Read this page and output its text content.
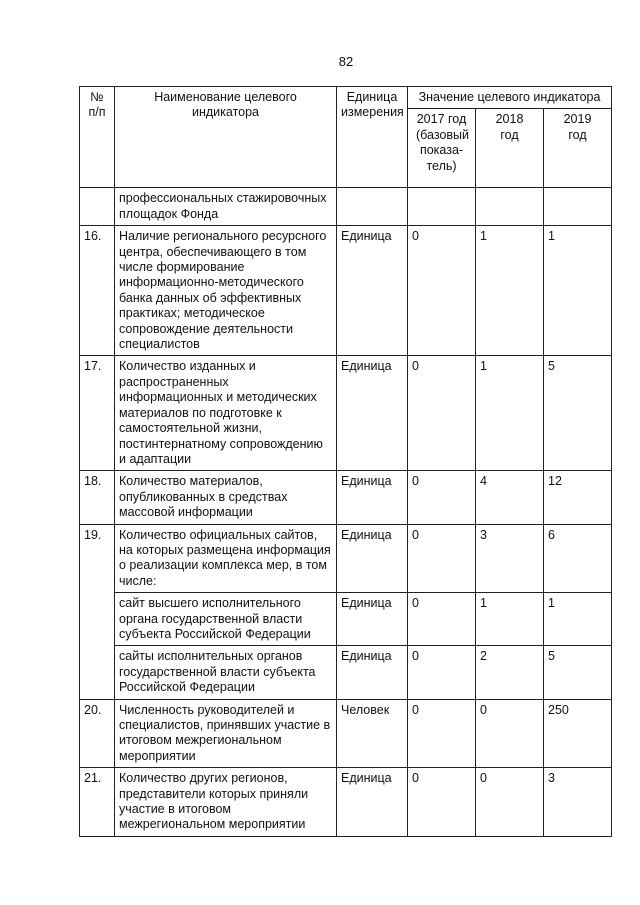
82
№ п/п	Наименование целевого индикатора	Единица измерения	Значение целевого индикатора		
			2017 год (базовый показа-тель)	2018 год	2019 год
	профессиональных стажировочных площадок Фонда				
16.	Наличие регионального ресурсного центра, обеспечивающего в том числе формирование информационно-методического банка данных об эффективных практиках; методическое сопровождение деятельности специалистов	Единица	0	1	1
17.	Количество изданных и распространенных информационных и методических материалов по подготовке к самостоятельной жизни, постинтернатному сопровождению и адаптации	Единица	0	1	5
18.	Количество материалов, опубликованных в средствах массовой информации	Единица	0	4	12
19.	Количество официальных сайтов, на которых размещена информация о реализации комплекса мер, в том числе:	Единица	0	3	6
	сайт высшего исполнительного органа государственной власти субъекта Российской Федерации	Единица	0	1	1
	сайты исполнительных органов государственной власти субъекта Российской Федерации	Единица	0	2	5
20.	Численность руководителей и специалистов, принявших участие в итоговом межрегиональном мероприятии	Человек	0	0	250
21.	Количество других регионов, представители которых приняли участие в итоговом межрегиональном мероприятии	Единица	0	0	3
